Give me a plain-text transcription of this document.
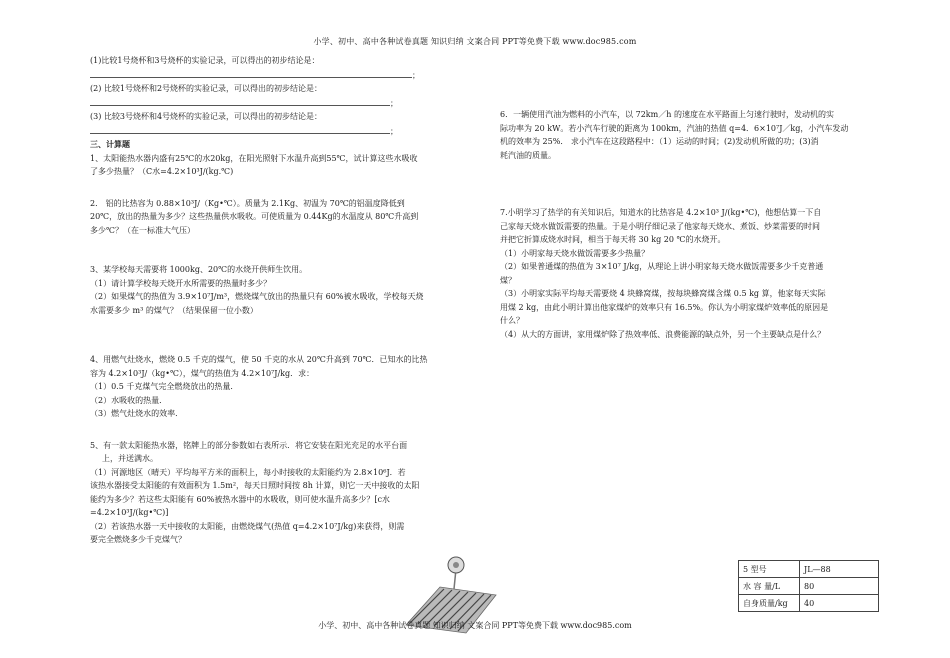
小学、初中、高中各种试卷真题 知识归纳 文案合同 PPT等免费下载 www.doc985.com

(1)比较1号烧杯和3号烧杯的实验记录，可以得出的初步结论是：

；

(2) 比较1号烧杯和2号烧杯的实验记录，可以得出的初步结论是：

；

(3) 比较3号烧杯和4号烧杯的实验记录，可以得出的初步结论是：

；

三、计算题

1、太阳能热水器内盛有25℃的水20kg，在阳光照射下水温升高到55℃，试计算这些水吸收

了多少热量？（C水=4.2×10³J/(kg.℃)

2． 铝的比热容为 0.88×10³J/（Kg•℃）。质量为 2.1Kg、初温为 70℃的铝温度降低到

20℃，放出的热量为多少？这些热量供水吸收。可使质量为 0.44Kg的水温度从 80℃升高到

多少℃？（在一标准大气压）

3、某学校每天需要将 1000kg、20℃的水烧开供师生饮用。

（1）请计算学校每天烧开水所需要的热量时多少？

（2）如果煤气的热值为 3.9×10⁷J/m³，燃烧煤气放出的热量只有 60%被水吸收，学校每天烧

水需要多少 m³ 的煤气？（结果保留一位小数）

4、用燃气灶烧水，燃烧 0.5 千克的煤气，使 50 千克的水从 20℃升高到 70℃．已知水的比热

容为 4.2×10³J/（kg•℃），煤气的热值为 4.2×10⁷J/kg．求：

（1）0.5 千克煤气完全燃烧放出的热量．

（2）水吸收的热量．

（3）燃气灶烧水的效率．

5、有一款太阳能热水器，铭牌上的部分参数如右表所示．将它安装在阳光充足的水平台面

上，并送满水。

（1）河源地区（晴天）平均每平方米的面积上，每小时接收的太阳能约为 2.8×10⁶J．若

该热水器接受太阳能的有效面积为 1.5m²，每天日照时间按 8h 计算，则它一天中接收的太阳

能约为多少？若这些太阳能有 60%被热水器中的水吸收，则可使水温升高多少？[c水

=4.2×10³J/(kg•℃)]

（2）若该热水器一天中接收的太阳能，由燃烧煤气(热值 q=4.2×10⁷J/kg)来获得，则需

要完全燃烧多少千克煤气？

6．一辆使用汽油为燃料的小汽车，以 72km／h 的速度在水平路面上匀速行驶时，发动机的实

际功率为 20 kW。若小汽车行驶的距离为 100km，汽油的热值 q=4．6×10⁷J／kg，小汽车发动

机的效率为 25%． 求小汽车在这段路程中：（1）运动的时间；(2)发动机所做的功；(3)消

耗汽油的质量。

7.小明学习了热学的有关知识后，知道水的比热容是 4.2×10³ J/(kg•℃)，他想估算一下自

己家每天烧水做饭需要的热量。于是小明仔细记录了他家每天烧水、煮饭、炒菜需要的时间

并把它折算成烧水时间，相当于每天将 30 kg 20 ℃的水烧开。

（1）小明家每天烧水做饭需要多少热量？

（2）如果普通煤的热值为 3×10⁷ J/kg，从理论上讲小明家每天烧水做饭需要多少千克普通

煤？

（3）小明家实际平均每天需要烧 4 块蜂窝煤，按每块蜂窝煤含煤 0.5 kg 算，他家每天实际

用煤 2 kg，由此小明计算出他家煤炉的效率只有 16.5%。你认为小明家煤炉效率低的原因是

什么？

（4）从大的方面讲，家用煤炉除了热效率低、浪费能源的缺点外，另一个主要缺点是什么？

5 型号	JL—88
水 容 量/L	80
自身质量/kg	40
小学、初中、高中各种试卷真题 知识归纳 文案合同 PPT等免费下载 www.doc985.com
